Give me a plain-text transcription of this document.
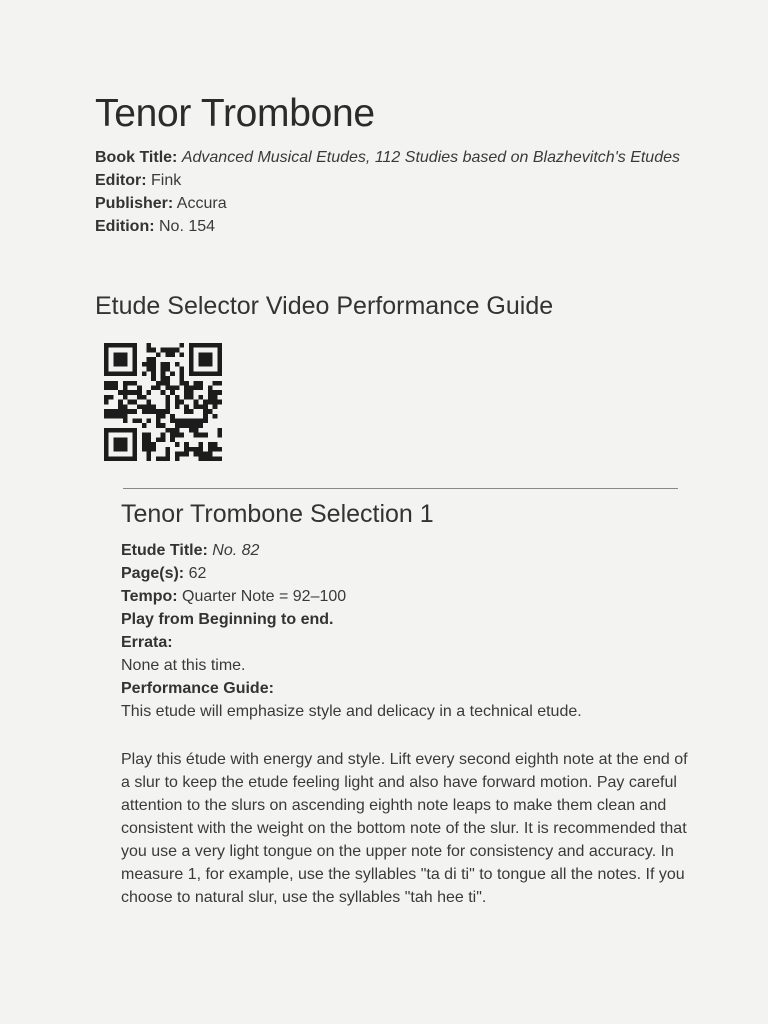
Tenor Trombone
Book Title: Advanced Musical Etudes, 112 Studies based on Blazhevitch's Etudes
Editor: Fink
Publisher: Accura
Edition: No. 154
Etude Selector Video Performance Guide
Tenor Trombone Selection 1
Etude Title: No. 82
Page(s): 62
Tempo: Quarter Note = 92–100
Play from Beginning to end.
Errata:
None at this time.
Performance Guide:
This etude will emphasize style and delicacy in a technical etude.

Play this étude with energy and style. Lift every second eighth note at the end of a slur to keep the etude feeling light and also have forward motion. Pay careful attention to the slurs on ascending eighth note leaps to make them clean and consistent with the weight on the bottom note of the slur. It is recommended that you use a very light tongue on the upper note for consistency and accuracy. In measure 1, for example, use the syllables "ta di ti" to tongue all the notes. If you choose to natural slur, use the syllables "tah hee ti".
